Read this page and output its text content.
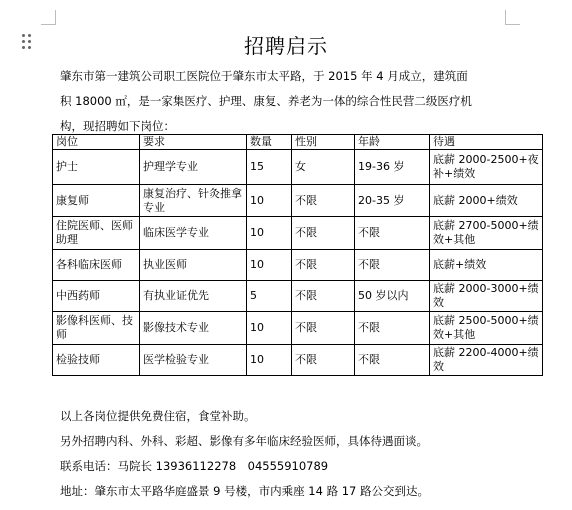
招聘启示
肇东市第一建筑公司职工医院位于肇东市太平路，于 2015 年 4 月成立，建筑面
积 18000 ㎡，是一家集医疗、护理、康复、养老为一体的综合性民营二级医疗机
构，现招聘如下岗位：
岗位	要求	数量	性别	年龄	待遇
护士	护理学专业	15	女	19-36 岁	底薪 2000-2500+夜补+绩效
康复师	康复治疗、针灸推拿专业	10	不限	20-35 岁	底薪 2000+绩效
住院医师、医师助理	临床医学专业	10	不限	不限	底薪 2700-5000+绩效+其他
各科临床医师	执业医师	10	不限	不限	底薪+绩效
中西药师	有执业证优先	5	不限	50 岁以内	底薪 2000-3000+绩效
影像科医师、技师	影像技术专业	10	不限	不限	底薪 2500-5000+绩效+其他
检验技师	医学检验专业	10	不限	不限	底薪 2200-4000+绩效
以上各岗位提供免费住宿，食堂补助。
另外招聘内科、外科、彩超、影像有多年临床经验医师，具体待遇面谈。
联系电话：马院长 13936112278　04555910789
地址：肇东市太平路华庭盛景 9 号楼，市内乘座 14 路 17 路公交到达。
